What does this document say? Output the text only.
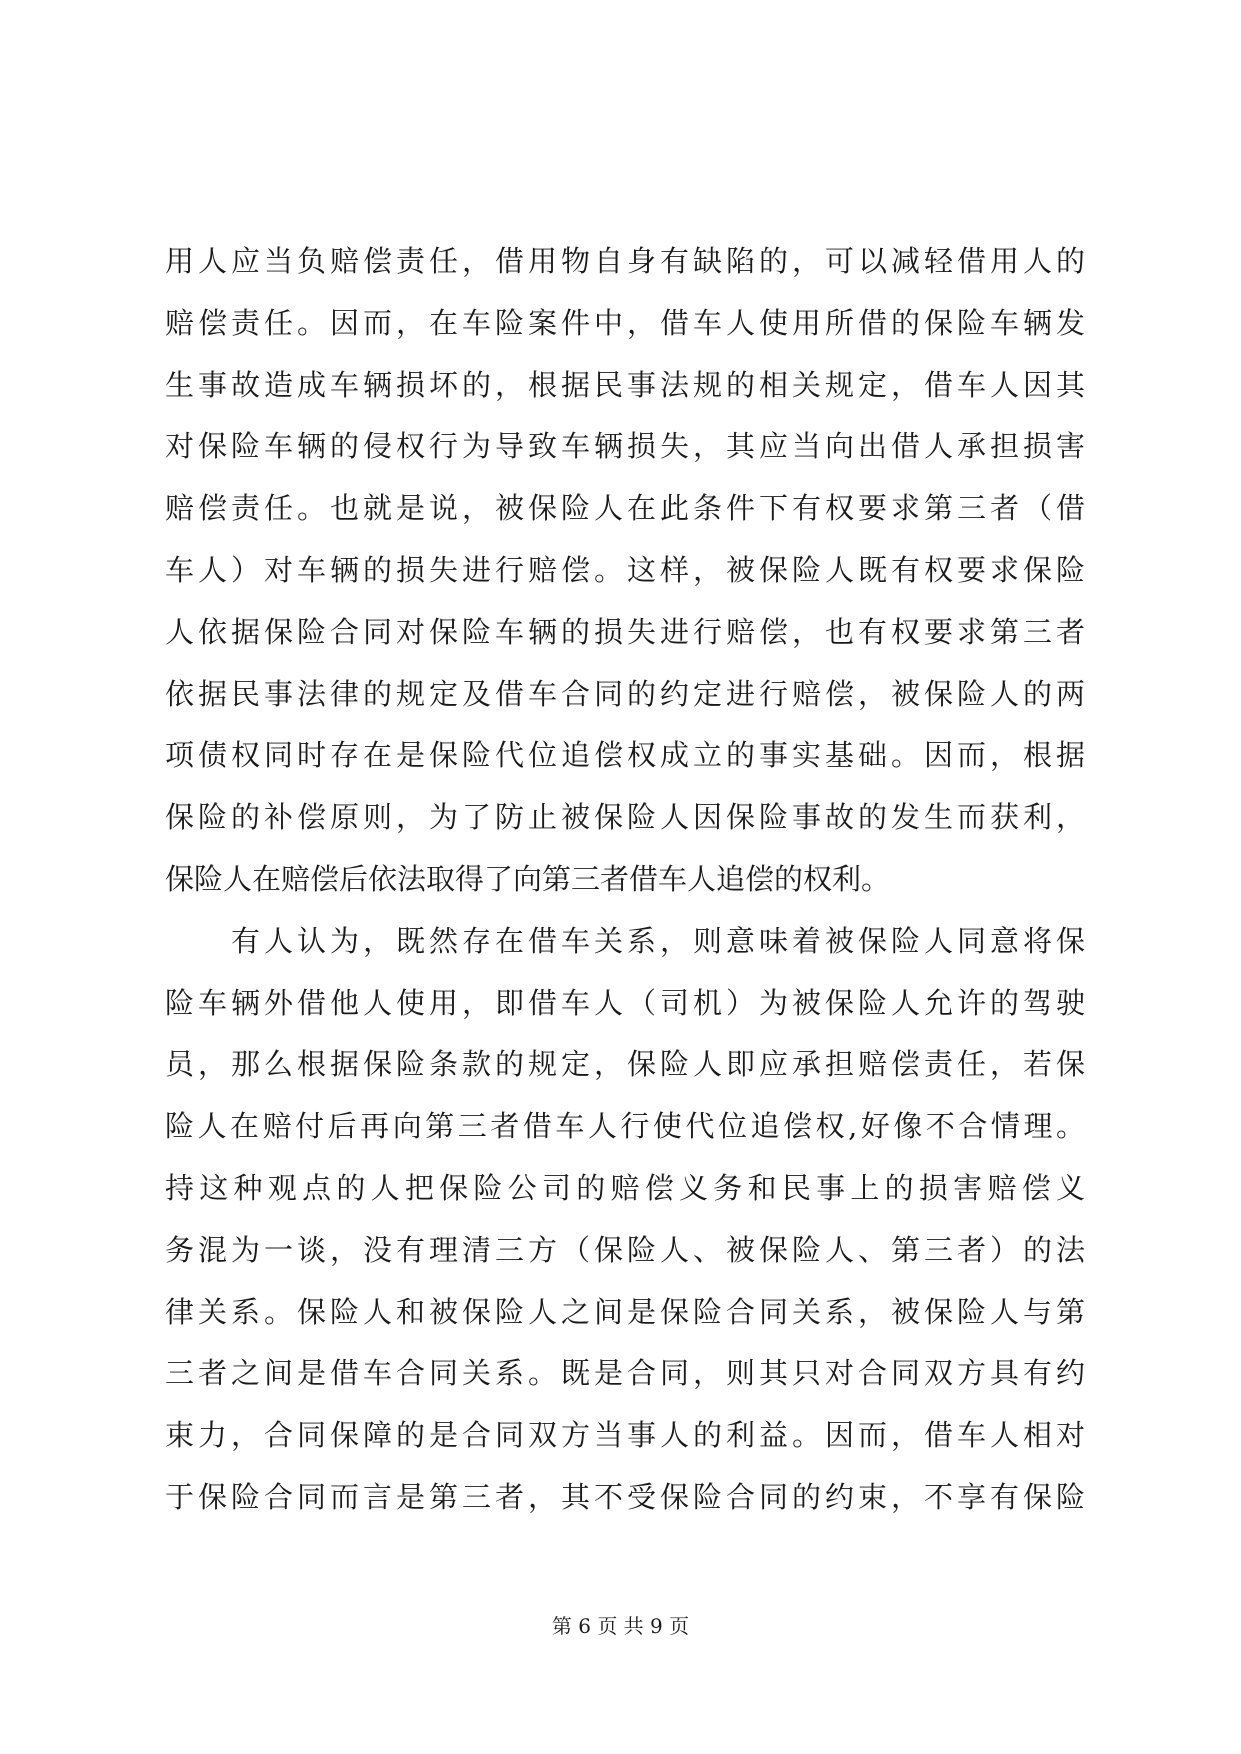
用人应当负赔偿责任，借用物自身有缺陷的，可以减轻借用人的
赔偿责任。因而，在车险案件中，借车人使用所借的保险车辆发
生事故造成车辆损坏的，根据民事法规的相关规定，借车人因其
对保险车辆的侵权行为导致车辆损失，其应当向出借人承担损害
赔偿责任。也就是说，被保险人在此条件下有权要求第三者（借
车人）对车辆的损失进行赔偿。这样，被保险人既有权要求保险
人依据保险合同对保险车辆的损失进行赔偿，也有权要求第三者
依据民事法律的规定及借车合同的约定进行赔偿，被保险人的两
项债权同时存在是保险代位追偿权成立的事实基础。因而，根据
保险的补偿原则，为了防止被保险人因保险事故的发生而获利，
保险人在赔偿后依法取得了向第三者借车人追偿的权利。
　　有人认为，既然存在借车关系，则意味着被保险人同意将保
险车辆外借他人使用，即借车人（司机）为被保险人允许的驾驶
员，那么根据保险条款的规定，保险人即应承担赔偿责任，若保
险人在赔付后再向第三者借车人行使代位追偿权,好像不合情理。
持这种观点的人把保险公司的赔偿义务和民事上的损害赔偿义
务混为一谈，没有理清三方（保险人、被保险人、第三者）的法
律关系。保险人和被保险人之间是保险合同关系，被保险人与第
三者之间是借车合同关系。既是合同，则其只对合同双方具有约
束力，合同保障的是合同双方当事人的利益。因而，借车人相对
于保险合同而言是第三者，其不受保险合同的约束，不享有保险
第 6 页 共 9 页
